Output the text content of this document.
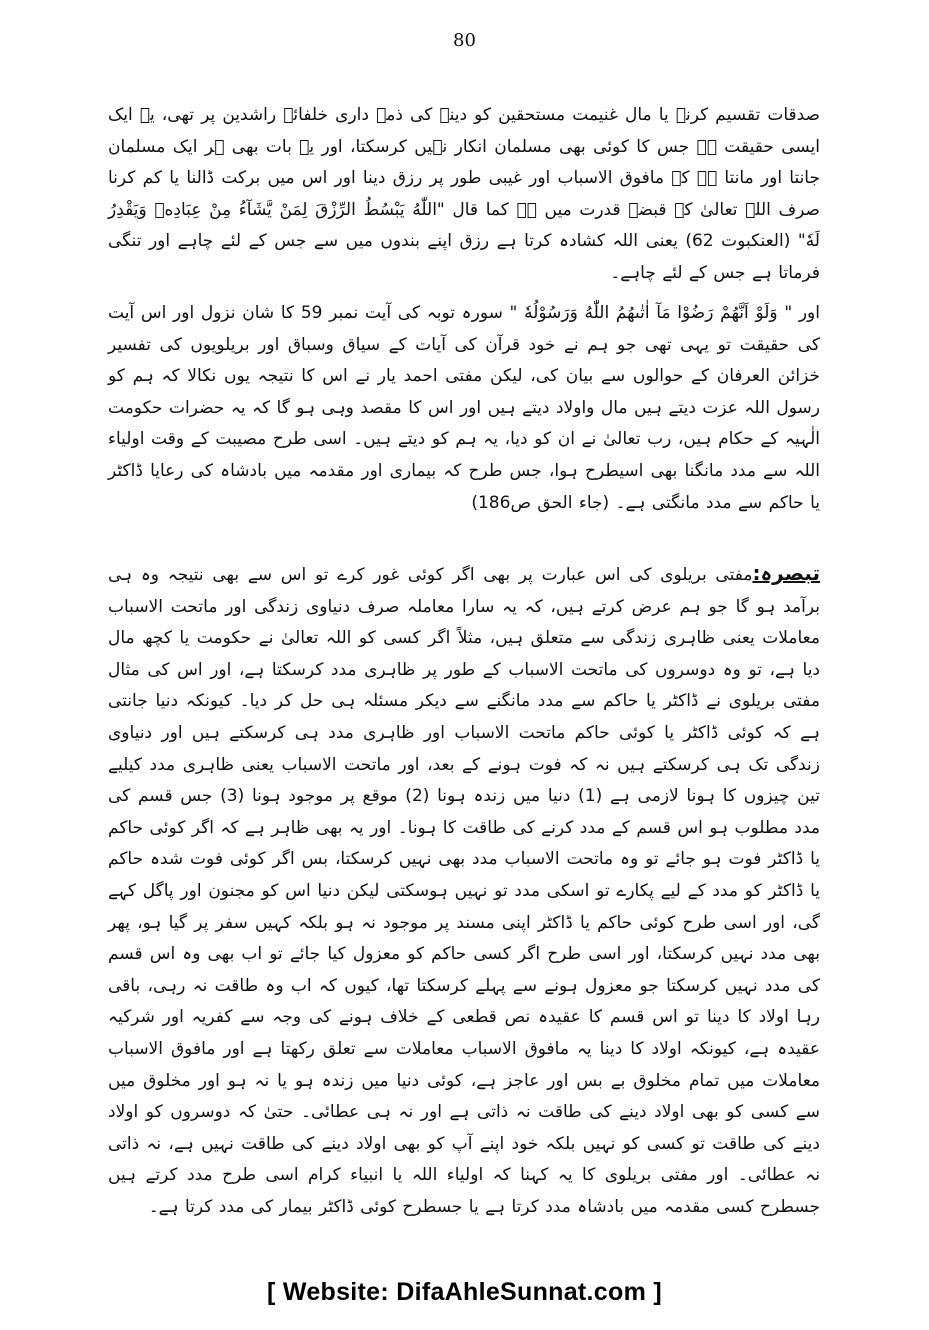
80

صدقات تقسیم کرنے یا مال غنیمت مستحقین کو دینے کی ذمہ داری خلفائے راشدین پر تھی، یہ ایک ایسی حقیقت ہے جس کا کوئی بھی مسلمان انکار نہیں کرسکتا، اور یہ بات بھی ہر ایک مسلمان جانتا اور مانتا ہے کہ مافوق الاسباب اور غیبی طور پر رزق دینا اور اس میں برکت ڈالنا یا کم کرنا صرف اللہ تعالیٰ کے قبضہ قدرت میں ہے کما قال "اللّٰهُ يَبْسُطُ الرِّزْقَ لِمَنْ يَّشَآءُ مِنْ عِبَادِهٖ وَيَقْدِرُ لَهٗ" (العنکبوت 62) یعنی اللہ کشادہ کرتا ہے رزق اپنے بندوں میں سے جس کے لئے چاہے اور تنگی فرماتا ہے جس کے لئے چاہے۔

اور " وَلَوْ اَنَّهُمْ رَضُوْا مَآ اٰتٰىهُمُ اللّٰهُ وَرَسُوْلُهٗ " سورہ توبہ کی آیت نمبر 59 کا شان نزول اور اس آیت کی حقیقت تو یہی تھی جو ہم نے خود قرآن کی آیات کے سیاق وسباق اور بریلویوں کی تفسیر خزائن العرفان کے حوالوں سے بیان کی، لیکن مفتی احمد یار نے اس کا نتیجہ یوں نکالا کہ ہم کو رسول اللہ عزت دیتے ہیں مال واولاد دیتے ہیں اور اس کا مقصد وہی ہو گا کہ یہ حضرات حکومت الٰہیہ کے حکام ہیں، رب تعالیٰ نے ان کو دیا، یہ ہم کو دیتے ہیں۔ اسی طرح مصیبت کے وقت اولیاء اللہ سے مدد مانگنا بھی اسیطرح ہوا، جس طرح کہ بیماری اور مقدمہ میں بادشاہ کی رعایا ڈاکٹر یا حاکم سے مدد مانگتی ہے۔ (جاء الحق ص186)

تبصرہ:مفتی بریلوی کی اس عبارت پر بھی اگر کوئی غور کرے تو اس سے بھی نتیجہ وہ ہی برآمد ہو گا جو ہم عرض کرتے ہیں، کہ یہ سارا معاملہ صرف دنیاوی زندگی اور ماتحت الاسباب معاملات یعنی ظاہری زندگی سے متعلق ہیں، مثلاً اگر کسی کو اللہ تعالیٰ نے حکومت یا کچھ مال دیا ہے، تو وہ دوسروں کی ماتحت الاسباب کے طور پر ظاہری مدد کرسکتا ہے، اور اس کی مثال مفتی بریلوی نے ڈاکٹر یا حاکم سے مدد مانگنے سے دیکر مسئلہ ہی حل کر دیا۔ کیونکہ دنیا جانتی ہے کہ کوئی ڈاکٹر یا کوئی حاکم ماتحت الاسباب اور ظاہری مدد ہی کرسکتے ہیں اور دنیاوی زندگی تک ہی کرسکتے ہیں نہ کہ فوت ہونے کے بعد، اور ماتحت الاسباب یعنی ظاہری مدد کیلیے تین چیزوں کا ہونا لازمی ہے (1) دنیا میں زندہ ہونا (2) موقع پر موجود ہونا (3) جس قسم کی مدد مطلوب ہو اس قسم کے مدد کرنے کی طاقت کا ہونا۔ اور یہ بھی ظاہر ہے کہ اگر کوئی حاکم یا ڈاکٹر فوت ہو جائے تو وہ ماتحت الاسباب مدد بھی نہیں کرسکتا، بس اگر کوئی فوت شدہ حاکم یا ڈاکٹر کو مدد کے لیے پکارے تو اسکی مدد تو نہیں ہوسکتی لیکن دنیا اس کو مجنون اور پاگل کہے گی، اور اسی طرح کوئی حاکم یا ڈاکٹر اپنی مسند پر موجود نہ ہو بلکہ کہیں سفر پر گیا ہو، پھر بھی مدد نہیں کرسکتا، اور اسی طرح اگر کسی حاکم کو معزول کیا جائے تو اب بھی وہ اس قسم کی مدد نہیں کرسکتا جو معزول ہونے سے پہلے کرسکتا تھا، کیوں کہ اب وہ طاقت نہ رہی، باقی رہا اولاد کا دینا تو اس قسم کا عقیدہ نص قطعی کے خلاف ہونے کی وجہ سے کفریہ اور شرکیہ عقیدہ ہے، کیونکہ اولاد کا دینا یہ مافوق الاسباب معاملات سے تعلق رکھتا ہے اور مافوق الاسباب معاملات میں تمام مخلوق بے بس اور عاجز ہے، کوئی دنیا میں زندہ ہو یا نہ ہو اور مخلوق میں سے کسی کو بھی اولاد دینے کی طاقت نہ ذاتی ہے اور نہ ہی عطائی۔ حتیٰ کہ دوسروں کو اولاد دینے کی طاقت تو کسی کو نہیں بلکہ خود اپنے آپ کو بھی اولاد دینے کی طاقت نہیں ہے، نہ ذاتی نہ عطائی۔ اور مفتی بریلوی کا یہ کہنا کہ اولیاء اللہ یا انبیاء کرام اسی طرح مدد کرتے ہیں جسطرح کسی مقدمہ میں بادشاہ مدد کرتا ہے یا جسطرح کوئی ڈاکٹر بیمار کی مدد کرتا ہے۔

[ Website: DifaAhleSunnat.com ]
